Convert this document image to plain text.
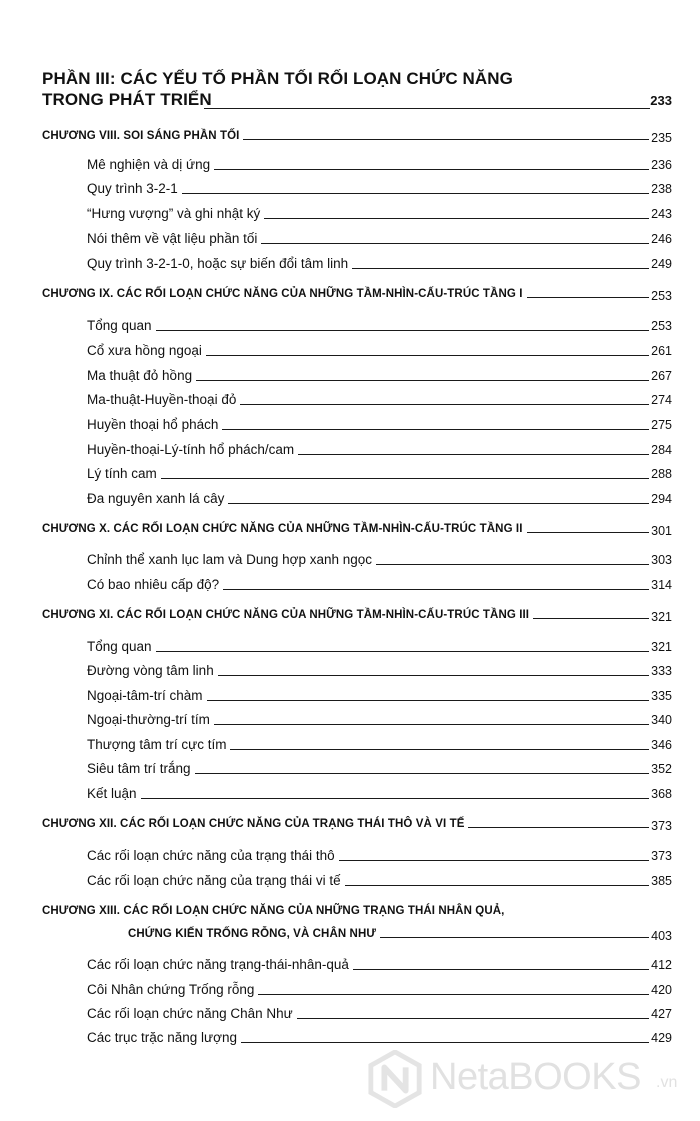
PHẦN III: CÁC YẾU TỐ PHẦN TỐI RỐI LOẠN CHỨC NĂNG
TRONG PHÁT TRIỂN	233
CHƯƠNG VIII. SOI SÁNG PHẦN TỐI	235
Mê nghiện và dị ứng	236
Quy trình 3-2-1	238
“Hưng vượng” và ghi nhật ký	243
Nói thêm về vật liệu phần tối	246
Quy trình 3-2-1-0, hoặc sự biến đổi tâm linh	249
CHƯƠNG IX. CÁC RỐI LOẠN CHỨC NĂNG CỦA NHỮNG TẦM-NHÌN-CẤU-TRÚC TẦNG I	253
Tổng quan	253
Cổ xưa hồng ngoại	261
Ma thuật đỏ hồng	267
Ma-thuật-Huyền-thoại đỏ	274
Huyền thoại hổ phách	275
Huyền-thoại-Lý-tính hổ phách/cam	284
Lý tính cam	288
Đa nguyên xanh lá cây	294
CHƯƠNG X. CÁC RỐI LOẠN CHỨC NĂNG CỦA NHỮNG TẦM-NHÌN-CẤU-TRÚC TẦNG II	301
Chỉnh thể xanh lục lam và Dung hợp xanh ngọc	303
Có bao nhiêu cấp độ?	314
CHƯƠNG XI. CÁC RỐI LOẠN CHỨC NĂNG CỦA NHỮNG TẦM-NHÌN-CẤU-TRÚC TẦNG III	321
Tổng quan	321
Đường vòng tâm linh	333
Ngoại-tâm-trí chàm	335
Ngoại-thường-trí tím	340
Thượng tâm trí cực tím	346
Siêu tâm trí trắng	352
Kết luận	368
CHƯƠNG XII. CÁC RỐI LOẠN CHỨC NĂNG CỦA TRẠNG THÁI THÔ VÀ VI TẾ	373
Các rối loạn chức năng của trạng thái thô	373
Các rối loạn chức năng của trạng thái vi tế	385
CHƯƠNG XIII. CÁC RỐI LOẠN CHỨC NĂNG CỦA NHỮNG TRẠNG THÁI NHÂN QUẢ,
CHỨNG KIẾN TRỐNG RỖNG, VÀ CHÂN NHƯ	403
Các rối loạn chức năng trạng-thái-nhân-quả	412
Côi Nhân chứng Trống rỗng	420
Các rối loạn chức năng Chân Như	427
Các trục trặc năng lượng	429
NetaBOOKS .vn
